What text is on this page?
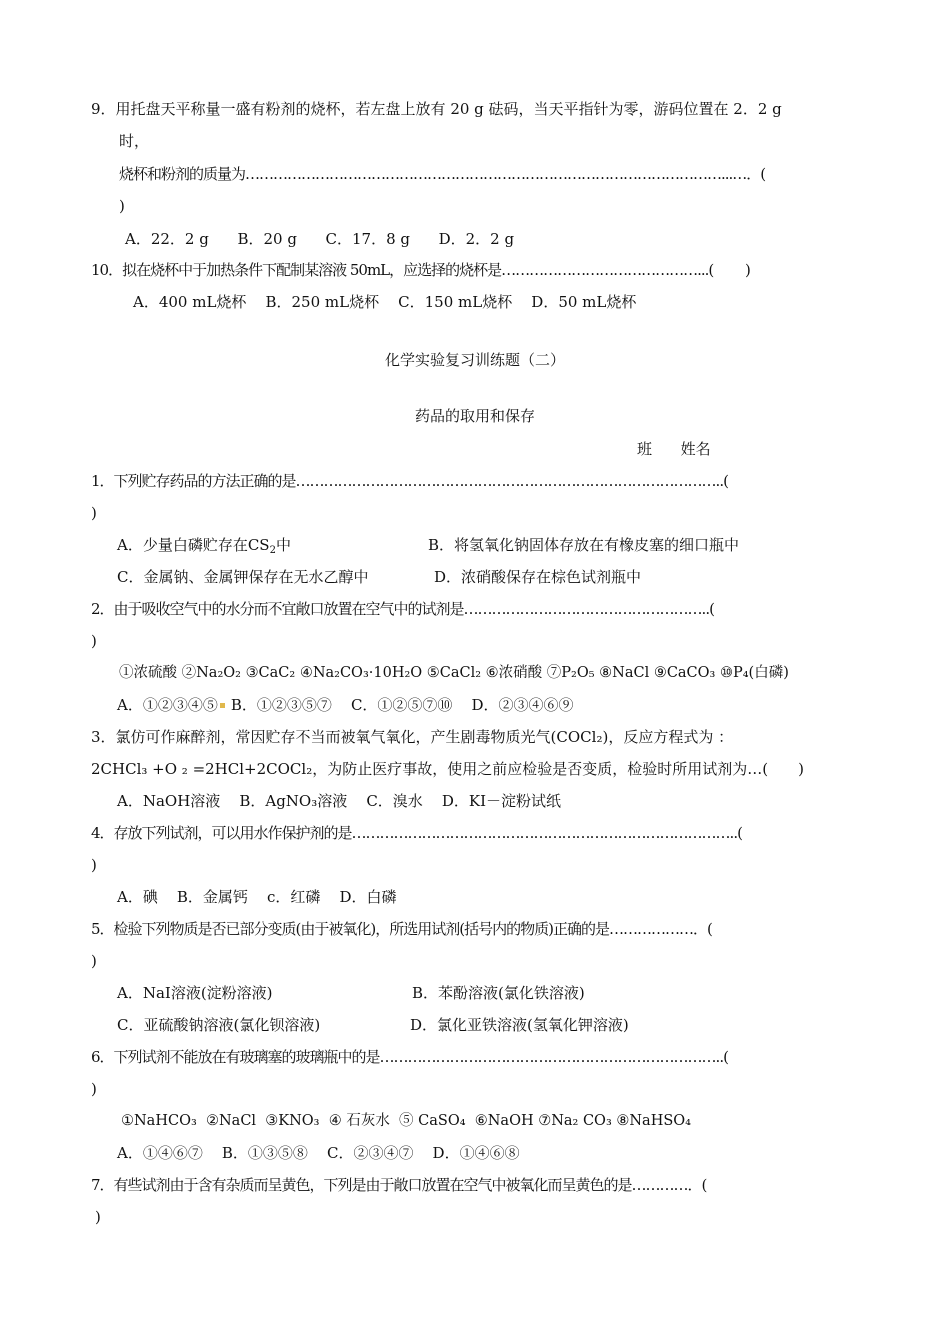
9．用托盘天平称量一盛有粉剂的烧杯，若左盘上放有 20 g 砝码，当天平指针为零，游码位置在 2．2 g
时，
烧杯和粉剂的质量为…………………………………………………………………………………………...…．(
)
A．22．2 g      B．20 g      C．17．8 g      D．2．2 g
10．拟在烧杯中于加热条件下配制某溶液 50mL，应选择的烧杯是……………………………………...(　 　)
A．400 mL烧杯    B．250 mL烧杯    C．150 mL烧杯    D．50 mL烧杯
化学实验复习训练题（二）
药品的取用和保存
班      姓名
1．下列贮存药品的方法正确的是………………………………………………………………………………..(
)
A．少量白磷贮存在$CS_2$中	B．将氢氧化钠固体存放在有橡皮塞的细口瓶中
C．金属钠、金属钾保存在无水乙醇中	D．浓硝酸保存在棕色试剂瓶中
2．由于吸收空气中的水分而不宜敞口放置在空气中的试剂是……………………………………………..(
)
①浓硫酸 ②Na₂O₂ ③CaC₂ ④Na₂CO₃·10H₂O ⑤CaCl₂ ⑥浓硝酸 ⑦P₂O₅ ⑧NaCl ⑨CaCO₃ ⑩P₄(白磷)
A．①②③④⑤ B．①②③⑤⑦    C．①②⑤⑦⑩    D．②③④⑥⑨
3．氯仿可作麻醉剂，常因贮存不当而被氧气氧化，产生剧毒物质光气(COCl₂)，反应方程式为 ：
2CHCl₃ +O ₂ =2HCl+2COCl₂，为防止医疗事故，使用之前应检验是否变质，检验时所用试剂为…(　　)
A．NaOH溶液    B．AgNO₃溶液    C．溴水    D．KI－淀粉试纸
4．存放下列试剂，可以用水作保护剂的是………………………………………………………………………..(
)
A．碘    B．金属钙    c．红磷    D．白磷
5．检验下列物质是否已部分变质(由于被氧化)，所选用试剂(括号内的物质)正确的是………………．(
)
A．NaI溶液(淀粉溶液)	B．苯酚溶液(氯化铁溶液)
C．亚硫酸钠溶液(氯化钡溶液)	D．氯化亚铁溶液(氢氧化钾溶液)
6．下列试剂不能放在有玻璃塞的玻璃瓶中的是………………………………………………………………..(
)
①NaHCO₃  ②NaCl  ③KNO₃  ④ 石灰水  ⑤ CaSO₄  ⑥NaOH ⑦Na₂ CO₃ ⑧NaHSO₄
A．①④⑥⑦    B．①③⑤⑧    C．②③④⑦    D．①④⑥⑧
7．有些试剂由于含有杂质而呈黄色，下列是由于敞口放置在空气中被氧化而呈黄色的是…………．(
)
